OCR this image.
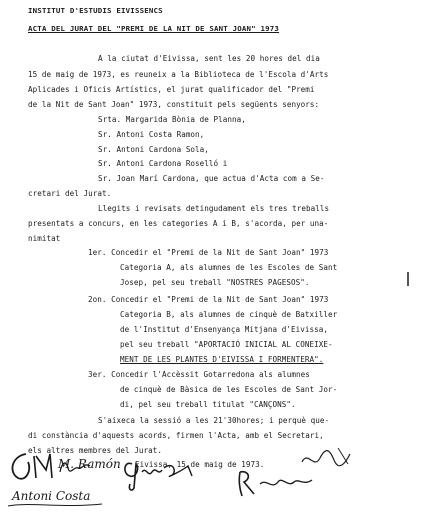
INSTITUT D'ESTUDIS EIVISSENCS
ACTA DEL JURAT DEL "PREMI DE LA NIT DE SANT JOAN" 1973
A la ciutat d'Eivissa, sent les 20 hores del dia
15 de maig de 1973, es reuneix a la Biblioteca de l'Escola d'Arts
Aplicades i Oficis Artístics, el jurat qualificador del "Premi
de la Nit de Sant Joan" 1973, constituit pels següents senyors:
Srta. Margarida Bònia de Planna,
Sr. Antoni Costa Ramon,
Sr. Antoni Cardona Sola,
Sr. Antoni Cardona Roselló i
Sr. Joan Marí Cardona, que actua d'Acta com a Se-
cretari del Jurat.
Llegits i revisats detingudament els tres treballs
presentats a concurs, en les categories A i B, s'acorda, per una-
nimitat
1er. Concedir el "Premi de la Nit de Sant Joan" 1973
Categoria A, als alumnes de les Escoles de Sant
Josep, pel seu treball "NOSTRES PAGESOS".
2on. Concedir el "Premi de la Nit de Sant Joan" 1973
Categoria B, als alumnes de cinquè de Batxiller
de l'Institut d'Ensenyança Mitjana d'Eivissa,
pel seu treball "APORTACIÓ INICIAL AL CONEIXE-
MENT DE LES PLANTES D'EIVISSA I FORMENTERA".
3er. Concedir l'Accèssit Gotarredona als alumnes
de cinquè de Bàsica de les Escoles de Sant Jor-
di, pel seu treball titulat "CANÇONS".
S'aixeca la sessió a les 21'30hores; i perquè que-
di constància d'aquests acords, firmen l'Acta, amb el Secretari,
els altres membres del Jurat.
Eivissa, 15 de maig de 1973.
M. Ramón
Antoni Costa
